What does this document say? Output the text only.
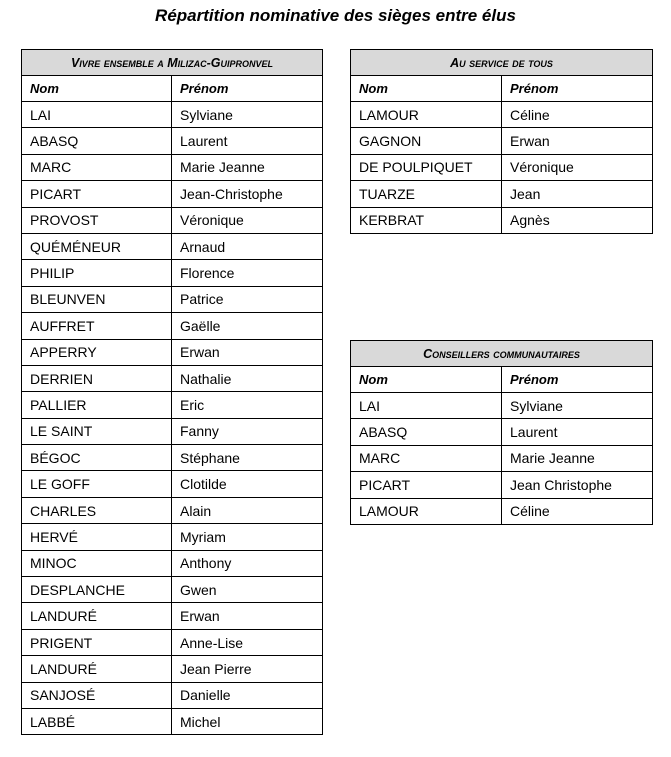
Répartition nominative des sièges entre élus
Vivre ensemble a Milizac-Guipronvel	
Nom	Prénom
LAI	Sylviane
ABASQ	Laurent
MARC	Marie Jeanne
PICART	Jean-Christophe
PROVOST	Véronique
QUÉMÉNEUR	Arnaud
PHILIP	Florence
BLEUNVEN	Patrice
AUFFRET	Gaëlle
APPERRY	Erwan
DERRIEN	Nathalie
PALLIER	Eric
LE SAINT	Fanny
BÉGOC	Stéphane
LE GOFF	Clotilde
CHARLES	Alain
HERVÉ	Myriam
MINOC	Anthony
DESPLANCHE	Gwen
LANDURÉ	Erwan
PRIGENT	Anne-Lise
LANDURÉ	Jean Pierre
SANJOSÉ	Danielle
LABBÉ	Michel
Au service de tous	
Nom	Prénom
LAMOUR	Céline
GAGNON	Erwan
DE POULPIQUET	Véronique
TUARZE	Jean
KERBRAT	Agnès
Conseillers communautaires	
Nom	Prénom
LAI	Sylviane
ABASQ	Laurent
MARC	Marie Jeanne
PICART	Jean Christophe
LAMOUR	Céline
